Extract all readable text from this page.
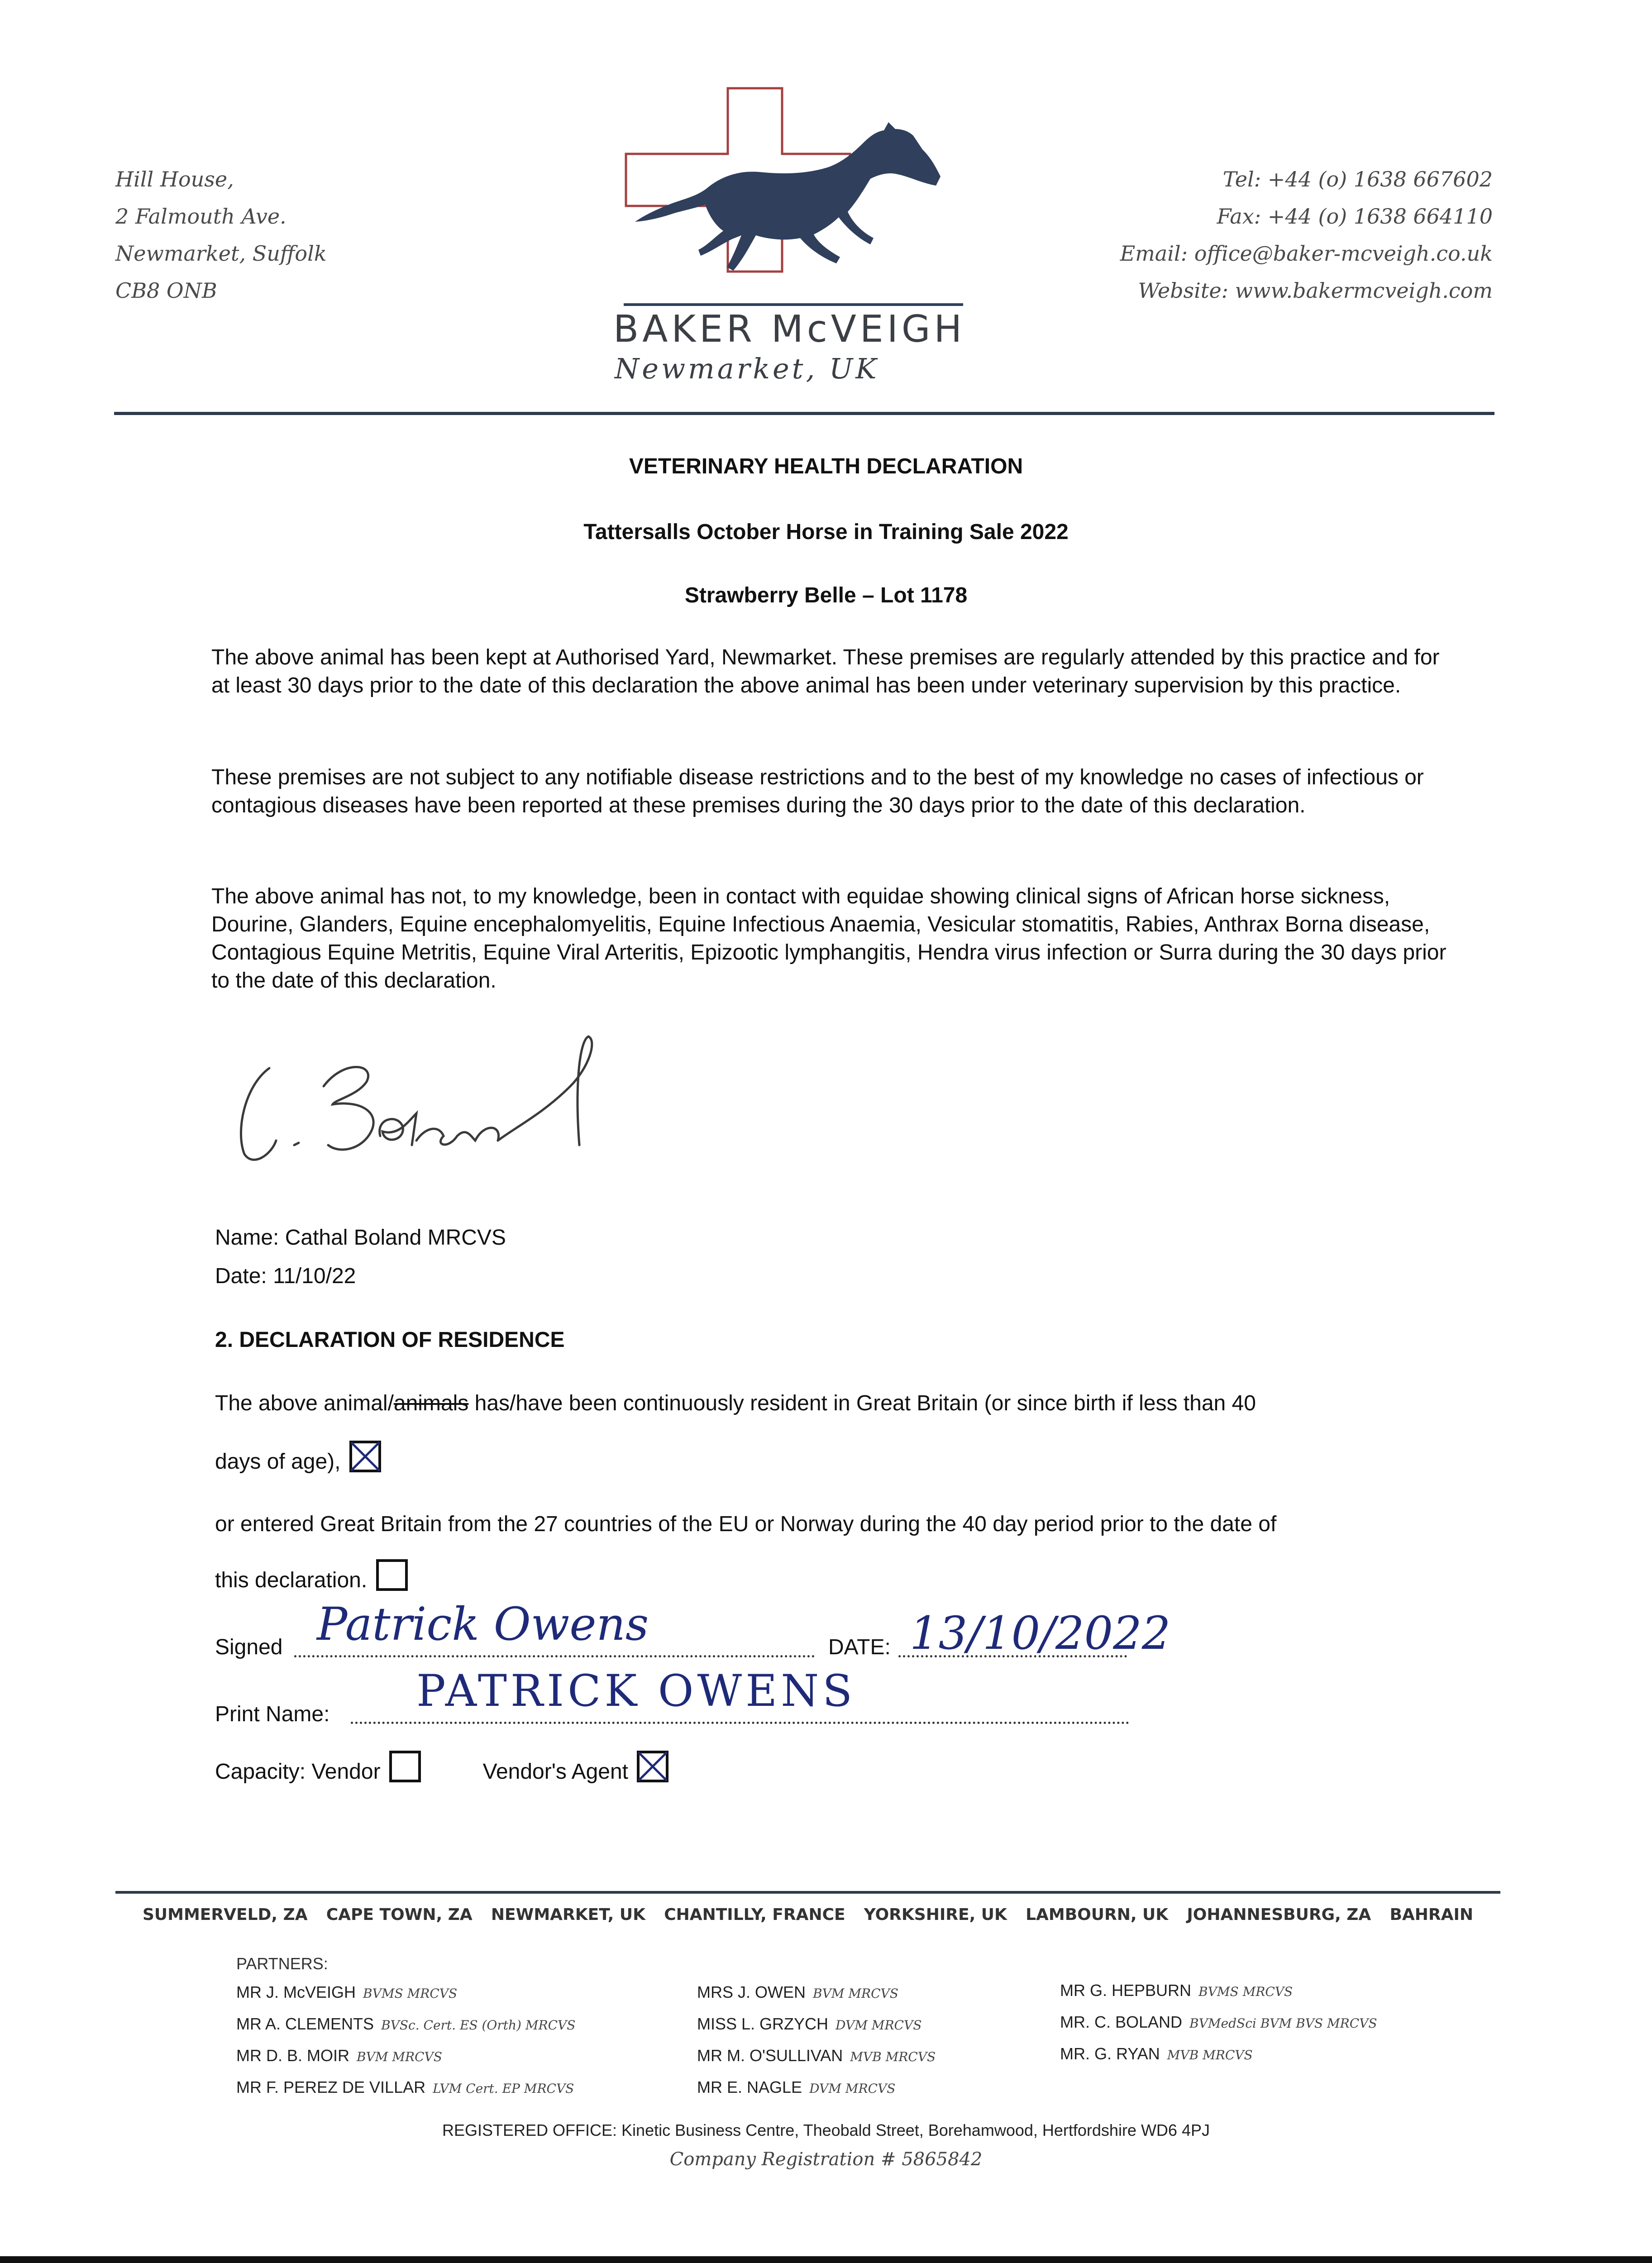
Hill House,
2 Falmouth Ave.
Newmarket, Suffolk
CB8 ONB
BAKER McVEIGH
Newmarket, UK
Tel: +44 (o) 1638 667602
Fax: +44 (o) 1638 664110
Email: office@baker-mcveigh.co.uk
Website: www.bakermcveigh.com
VETERINARY HEALTH DECLARATION
Tattersalls October Horse in Training Sale 2022
Strawberry Belle – Lot 1178
The above animal has been kept at Authorised Yard, Newmarket. These premises are regularly attended by this practice and for at least 30 days prior to the date of this declaration the above animal has been under veterinary supervision by this practice.
These premises are not subject to any notifiable disease restrictions and to the best of my knowledge no cases of infectious or contagious diseases have been reported at these premises during the 30 days prior to the date of this declaration.
The above animal has not, to my knowledge, been in contact with equidae showing clinical signs of African horse sickness, Dourine, Glanders, Equine encephalomyelitis, Equine Infectious Anaemia, Vesicular stomatitis, Rabies, Anthrax Borna disease, Contagious Equine Metritis, Equine Viral Arteritis, Epizootic lymphangitis, Hendra virus infection or Surra during the 30 days prior to the date of this declaration.
Name: Cathal Boland MRCVS
Date: 11/10/22
2. DECLARATION OF RESIDENCE
The above animal/animals has/have been continuously resident in Great Britain (or since birth if less than 40
days of age),
or entered Great Britain from the 27 countries of the EU or Norway during the 40 day period prior to the date of
this declaration.
Signed Patrick Owens	DATE: 13/10/2022
Print Name: PATRICK OWENS
Capacity: Vendor	Vendor's Agent
SUMMERVELD, ZA CAPE TOWN, ZA NEWMARKET, UK CHANTILLY, FRANCE YORKSHIRE, UK LAMBOURN, UK JOHANNESBURG, ZA BAHRAIN
PARTNERS:
MR J. McVEIGH BVMS MRCVS
MR A. CLEMENTS BVSc. Cert. ES (Orth) MRCVS
MR D. B. MOIR BVM MRCVS
MR F. PEREZ DE VILLAR LVM Cert. EP MRCVS
MRS J. OWEN BVM MRCVS
MISS L. GRZYCH DVM MRCVS
MR M. O'SULLIVAN MVB MRCVS
MR E. NAGLE DVM MRCVS
MR G. HEPBURN BVMS MRCVS
MR. C. BOLAND BVMedSci BVM BVS MRCVS
MR. G. RYAN MVB MRCVS
REGISTERED OFFICE: Kinetic Business Centre, Theobald Street, Borehamwood, Hertfordshire WD6 4PJ
Company Registration # 5865842
